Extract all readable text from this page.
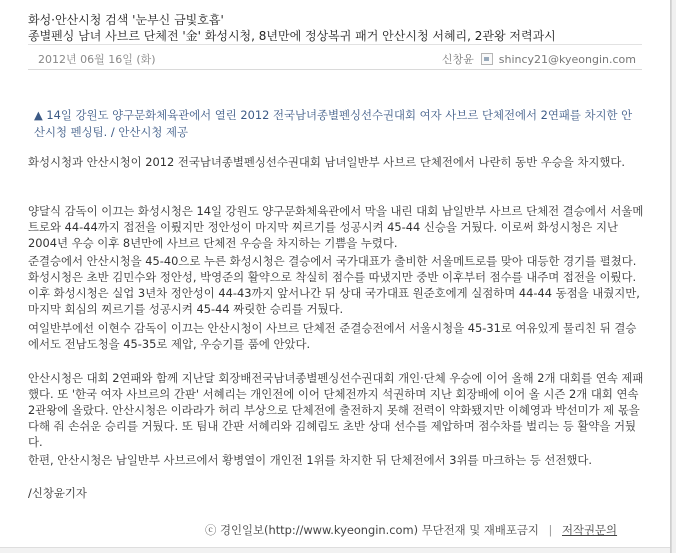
화성·안산시청 검색 '눈부신 금빛호흡'
종별펜싱 남녀 사브르 단체전 '金' 화성시청, 8년만에 정상복귀 패거 안산시청 서혜리, 2관왕 저력과시
2012년 06월 16일 (화)	신창윤 shincy21@kyeongin.com
▲ 14일 강원도 양구문화체육관에서 열린 2012 전국남녀종별펜싱선수권대회 여자 사브르 단체전에서 2연패를 차지한 안산시청 펜싱팀. / 안산시청 제공
화성시청과 안산시청이 2012 전국남녀종별펜싱선수권대회 남녀일반부 사브르 단체전에서 나란히 동반 우승을 차지했다.
양달식 감독이 이끄는 화성시청은 14일 강원도 양구문화체육관에서 막을 내린 대회 남일반부 사브르 단체전 결승에서 서울메트로와 44-44까지 접전을 이뤘지만 정안성이 마지막 찌르기를 성공시켜 45-44 신승을 거뒀다. 이로써 화성시청은 지난 2004년 우승 이후 8년만에 사브르 단체전 우승을 차지하는 기쁨을 누렸다.
준결승에서 안산시청을 45-40으로 누른 화성시청은 결승에서 국가대표가 출비한 서울메트로를 맞아 대등한 경기를 펼쳤다. 화성시청은 초반 김민수와 정안성, 박영준의 활약으로 착실히 점수를 따냈지만 중반 이후부터 점수를 내주며 접전을 이뤘다. 이후 화성시청은 실업 3년차 정안성이 44-43까지 앞서나간 뒤 상대 국가대표 원준호에게 실점하며 44-44 동점을 내줬지만, 마지막 회심의 찌르기를 성공시켜 45-44 짜릿한 승리를 거뒀다.
여일반부에선 이현수 감독이 이끄는 안산시청이 사브르 단체전 준결승전에서 서울시청을 45-31로 여유있게 물리친 뒤 결승에서도 전남도청을 45-35로 제압, 우승기를 품에 안았다.
안산시청은 대회 2연패와 함께 지난달 회장배전국남녀종별펜싱선수권대회 개인·단체 우승에 이어 올해 2개 대회를 연속 제패했다. 또 '한국 여자 사브르의 간판' 서혜리는 개인전에 이어 단체전까지 석권하며 지난 회장배에 이어 올 시즌 2개 대회 연속 2관왕에 올랐다. 안산시청은 이라라가 허리 부상으로 단체전에 출전하지 못해 전력이 약화됐지만 이혜영과 박선미가 제 몫을 다해 줘 손쉬운 승리를 거뒀다. 또 팀내 간판 서혜리와 김혜림도 초반 상대 선수를 제압하며 점수차를 벌리는 등 활약을 거뒀다.
한편, 안산시청은 남일반부 사브르에서 황병열이 개인전 1위를 차지한 뒤 단체전에서 3위를 마크하는 등 선전했다.
/신창윤기자
ⓒ 경인일보(http://www.kyeongin.com) 무단전재 및 재배포금지 | 저작권문의
